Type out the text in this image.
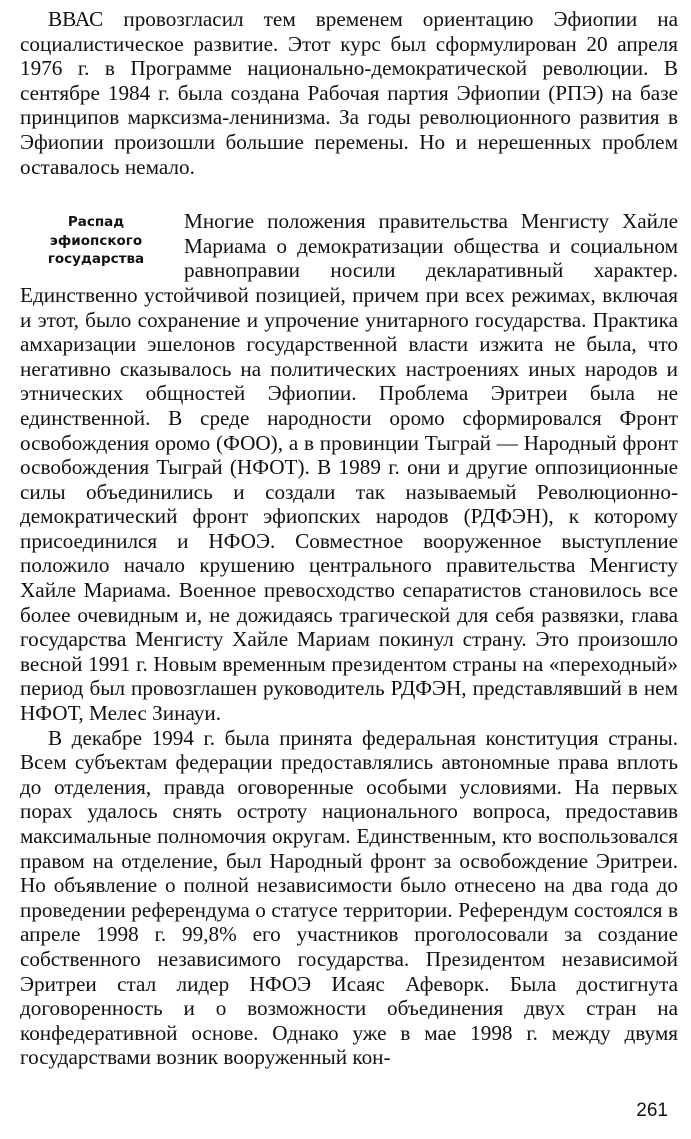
ВВАС провозгласил тем временем ориентацию Эфиопии на социалистическое развитие. Этот курс был сформулирован 20 апреля 1976 г. в Программе национально-демократической революции. В сентябре 1984 г. была создана Рабочая партия Эфиопии (РПЭ) на базе принципов марксизма-ленинизма. За годы революционного развития в Эфиопии произошли большие перемены. Но и нерешенных проблем оставалось немало.

Распад эфиопского государства

Многие положения правительства Менгисту Хайле Мариама о демократизации общества и социальном равноправии носили декларативный характер. Единственно устойчивой позицией, причем при всех режимах, включая и этот, было сохранение и упрочение унитарного государства. Практика амхаризации эшелонов государственной власти изжита не была, что негативно сказывалось на политических настроениях иных народов и этнических общностей Эфиопии. Проблема Эритреи была не единственной. В среде народности оромо сформировался Фронт освобождения оромо (ФОО), а в провинции Тыграй — Народный фронт освобождения Тыграй (НФОТ). В 1989 г. они и другие оппозиционные силы объединились и создали так называемый Революционно-демократический фронт эфиопских народов (РДФЭН), к которому присоединился и НФОЭ. Совместное вооруженное выступление положило начало крушению центрального правительства Менгисту Хайле Мариама. Военное превосходство сепаратистов становилось все более очевидным и, не дожидаясь трагической для себя развязки, глава государства Менгисту Хайле Мариам покинул страну. Это произошло весной 1991 г. Новым временным президентом страны на «переходный» период был провозглашен руководитель РДФЭН, представлявший в нем НФОТ, Мелес Зинауи.

В декабре 1994 г. была принята федеральная конституция страны. Всем субъектам федерации предоставлялись автономные права вплоть до отделения, правда оговоренные особыми условиями. На первых порах удалось снять остроту национального вопроса, предоставив максимальные полномочия округам. Единственным, кто воспользовался правом на отделение, был Народный фронт за освобождение Эритреи. Но объявление о полной независимости было отнесено на два года до проведении референдума о статусе территории. Референдум состоялся в апреле 1998 г. 99,8% его участников проголосовали за создание собственного независимого государства. Президентом независимой Эритреи стал лидер НФОЭ Исаяс Афеворк. Была достигнута договоренность и о возможности объединения двух стран на конфедеративной основе. Однако уже в мае 1998 г. между двумя государствами возник вооруженный кон-

261
